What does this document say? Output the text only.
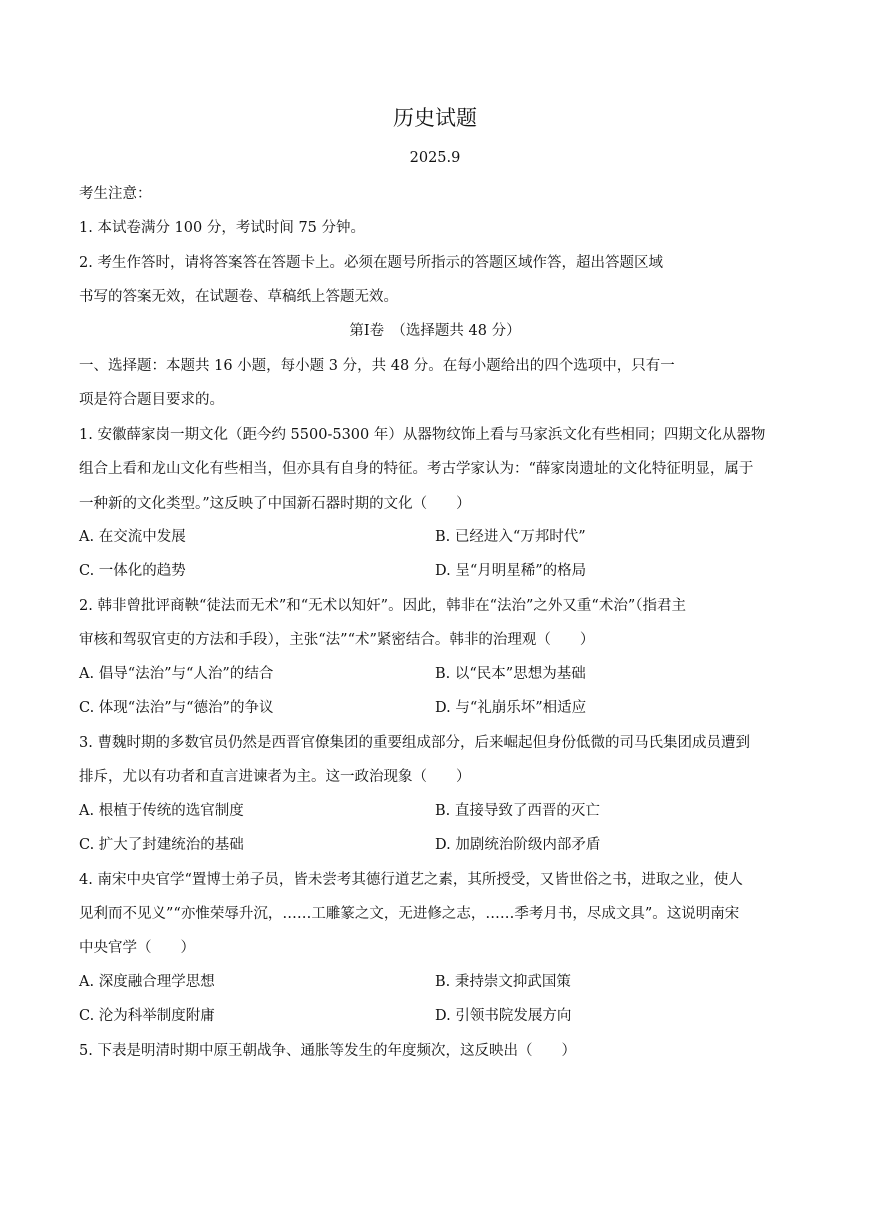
历史试题
2025.9
考生注意：
1. 本试卷满分 100 分，考试时间 75 分钟。
2. 考生作答时，请将答案答在答题卡上。必须在题号所指示的答题区域作答，超出答题区域
书写的答案无效，在试题卷、草稿纸上答题无效。
第Ⅰ卷　（选择题共 48 分）
一、选择题：本题共 16 小题，每小题 3 分，共 48 分。在每小题给出的四个选项中，只有一
项是符合题目要求的。
1. 安徽薛家岗一期文化（距今约 5500-5300 年）从器物纹饰上看与马家浜文化有些相同；四期文化从器物
组合上看和龙山文化有些相当，但亦具有自身的特征。考古学家认为：“薛家岗遗址的文化特征明显，属于
一种新的文化类型。”这反映了中国新石器时期的文化（　　）
A. 在交流中发展	B. 已经进入“万邦时代”
C. 一体化的趋势	D. 呈“月明星稀”的格局
2. 韩非曾批评商鞅“徒法而无术”和“无术以知奸”。因此，韩非在“法治”之外又重“术治”（指君主
审核和驾驭官吏的方法和手段），主张“法”“术”紧密结合。韩非的治理观（　　）
A. 倡导“法治”与“人治”的结合	B. 以“民本”思想为基础
C. 体现“法治”与“德治”的争议	D. 与“礼崩乐坏”相适应
3. 曹魏时期的多数官员仍然是西晋官僚集团的重要组成部分，后来崛起但身份低微的司马氏集团成员遭到
排斥，尤以有功者和直言进谏者为主。这一政治现象（　　）
A. 根植于传统的选官制度	B. 直接导致了西晋的灭亡
C. 扩大了封建统治的基础	D. 加剧统治阶级内部矛盾
4. 南宋中央官学“置博士弟子员，皆未尝考其德行道艺之素，其所授受，又皆世俗之书，进取之业，使人
见利而不见义”“亦惟荣辱升沉，……工雕篆之文，无进修之志，……季考月书，尽成文具”。这说明南宋
中央官学（　　）
A. 深度融合理学思想	B. 秉持崇文抑武国策
C. 沦为科举制度附庸	D. 引领书院发展方向
5. 下表是明清时期中原王朝战争、通胀等发生的年度频次，这反映出（　　）
